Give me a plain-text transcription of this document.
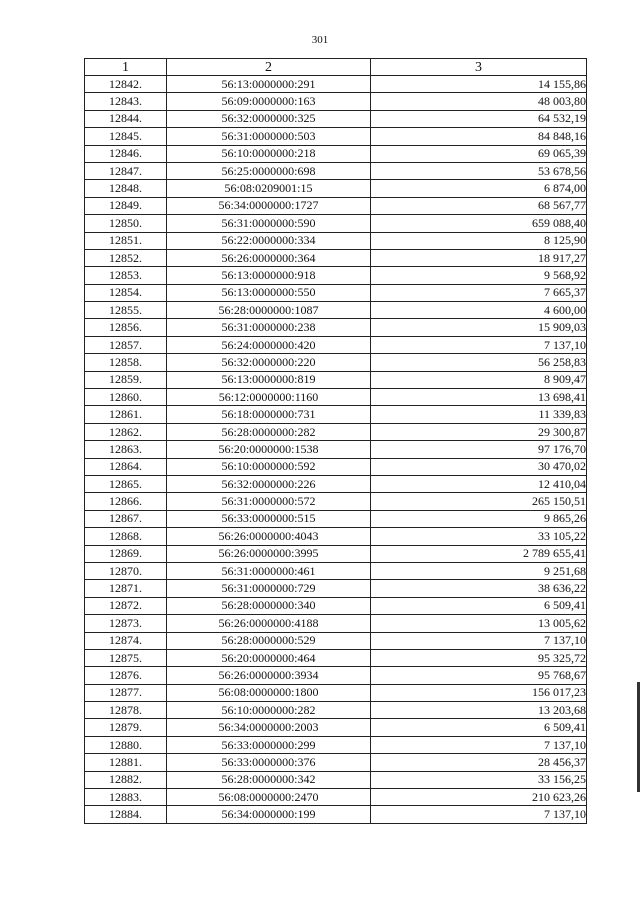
301
1	2	3
12842.	56:13:0000000:291	14 155,86
12843.	56:09:0000000:163	48 003,80
12844.	56:32:0000000:325	64 532,19
12845.	56:31:0000000:503	84 848,16
12846.	56:10:0000000:218	69 065,39
12847.	56:25:0000000:698	53 678,56
12848.	56:08:0209001:15	6 874,00
12849.	56:34:0000000:1727	68 567,77
12850.	56:31:0000000:590	659 088,40
12851.	56:22:0000000:334	8 125,90
12852.	56:26:0000000:364	18 917,27
12853.	56:13:0000000:918	9 568,92
12854.	56:13:0000000:550	7 665,37
12855.	56:28:0000000:1087	4 600,00
12856.	56:31:0000000:238	15 909,03
12857.	56:24:0000000:420	7 137,10
12858.	56:32:0000000:220	56 258,83
12859.	56:13:0000000:819	8 909,47
12860.	56:12:0000000:1160	13 698,41
12861.	56:18:0000000:731	11 339,83
12862.	56:28:0000000:282	29 300,87
12863.	56:20:0000000:1538	97 176,70
12864.	56:10:0000000:592	30 470,02
12865.	56:32:0000000:226	12 410,04
12866.	56:31:0000000:572	265 150,51
12867.	56:33:0000000:515	9 865,26
12868.	56:26:0000000:4043	33 105,22
12869.	56:26:0000000:3995	2 789 655,41
12870.	56:31:0000000:461	9 251,68
12871.	56:31:0000000:729	38 636,22
12872.	56:28:0000000:340	6 509,41
12873.	56:26:0000000:4188	13 005,62
12874.	56:28:0000000:529	7 137,10
12875.	56:20:0000000:464	95 325,72
12876.	56:26:0000000:3934	95 768,67
12877.	56:08:0000000:1800	156 017,23
12878.	56:10:0000000:282	13 203,68
12879.	56:34:0000000:2003	6 509,41
12880.	56:33:0000000:299	7 137,10
12881.	56:33:0000000:376	28 456,37
12882.	56:28:0000000:342	33 156,25
12883.	56:08:0000000:2470	210 623,26
12884.	56:34:0000000:199	7 137,10
